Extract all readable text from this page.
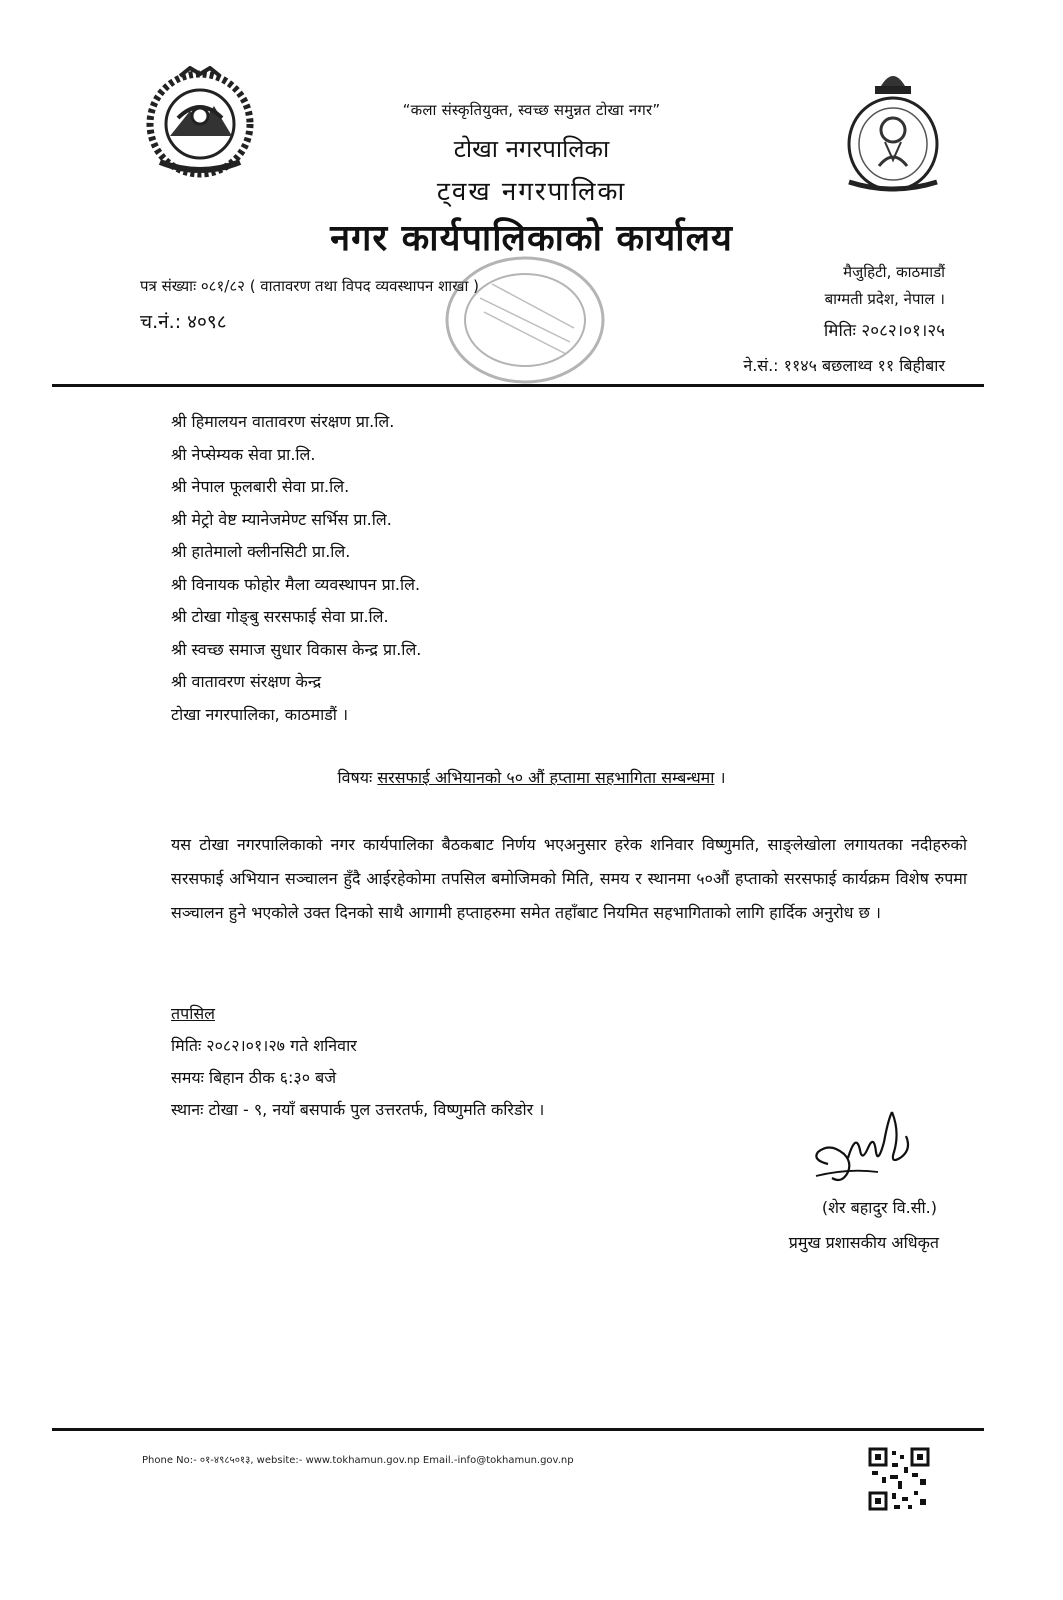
“कला संस्कृतियुक्त, स्वच्छ समुन्नत टोखा नगर”
टोखा नगरपालिका
ट्वख नगरपालिका
नगर कार्यपालिकाको कार्यालय
पत्र संख्याः ०८१/८२ ( वातावरण तथा विपद व्यवस्थापन शाखा )
च.नं.: ४०९८
मैजुहिटी, काठमाडौं
बाग्मती प्रदेश, नेपाल ।
मितिः २०८२।०१।२५
ने.सं.: ११४५ बछलाथ्व ११ बिहीबार
श्री हिमालयन वातावरण संरक्षण प्रा.लि.
श्री नेप्सेम्यक सेवा प्रा.लि.
श्री नेपाल फूलबारी सेवा प्रा.लि.
श्री मेट्रो वेष्ट म्यानेजमेण्ट सर्भिस प्रा.लि.
श्री हातेमालो क्लीनसिटी प्रा.लि.
श्री विनायक फोहोर मैला व्यवस्थापन प्रा.लि.
श्री टोखा गोङ्बु सरसफाई सेवा प्रा.लि.
श्री स्वच्छ समाज सुधार विकास केन्द्र प्रा.लि.
श्री वातावरण संरक्षण केन्द्र
टोखा नगरपालिका, काठमाडौं ।
विषयः सरसफाई अभियानको ५० औं हप्तामा सहभागिता सम्बन्धमा ।
यस टोखा नगरपालिकाको नगर कार्यपालिका बैठकबाट निर्णय भएअनुसार हरेक शनिवार विष्णुमति, साङ्लेखोला लगायतका नदीहरुको सरसफाई अभियान सञ्चालन हुँदै आईरहेकोमा तपसिल बमोजिमको मिति, समय र स्थानमा ५०औं हप्ताको सरसफाई कार्यक्रम विशेष रुपमा सञ्चालन हुने भएकोले उक्त दिनको साथै आगामी हप्ताहरुमा समेत तहाँबाट नियमित सहभागिताको लागि हार्दिक अनुरोध छ ।
तपसिल
मितिः २०८२।०१।२७ गते शनिवार
समयः बिहान ठीक ६:३० बजे
स्थानः टोखा - ९, नयाँ बसपार्क पुल उत्तरतर्फ, विष्णुमति करिडोर ।
(शेर बहादुर वि.सी.)
प्रमुख प्रशासकीय अधिकृत
Phone No:- ०१-४९८५०१३, website:- www.tokhamun.gov.np Email.-info@tokhamun.gov.np
